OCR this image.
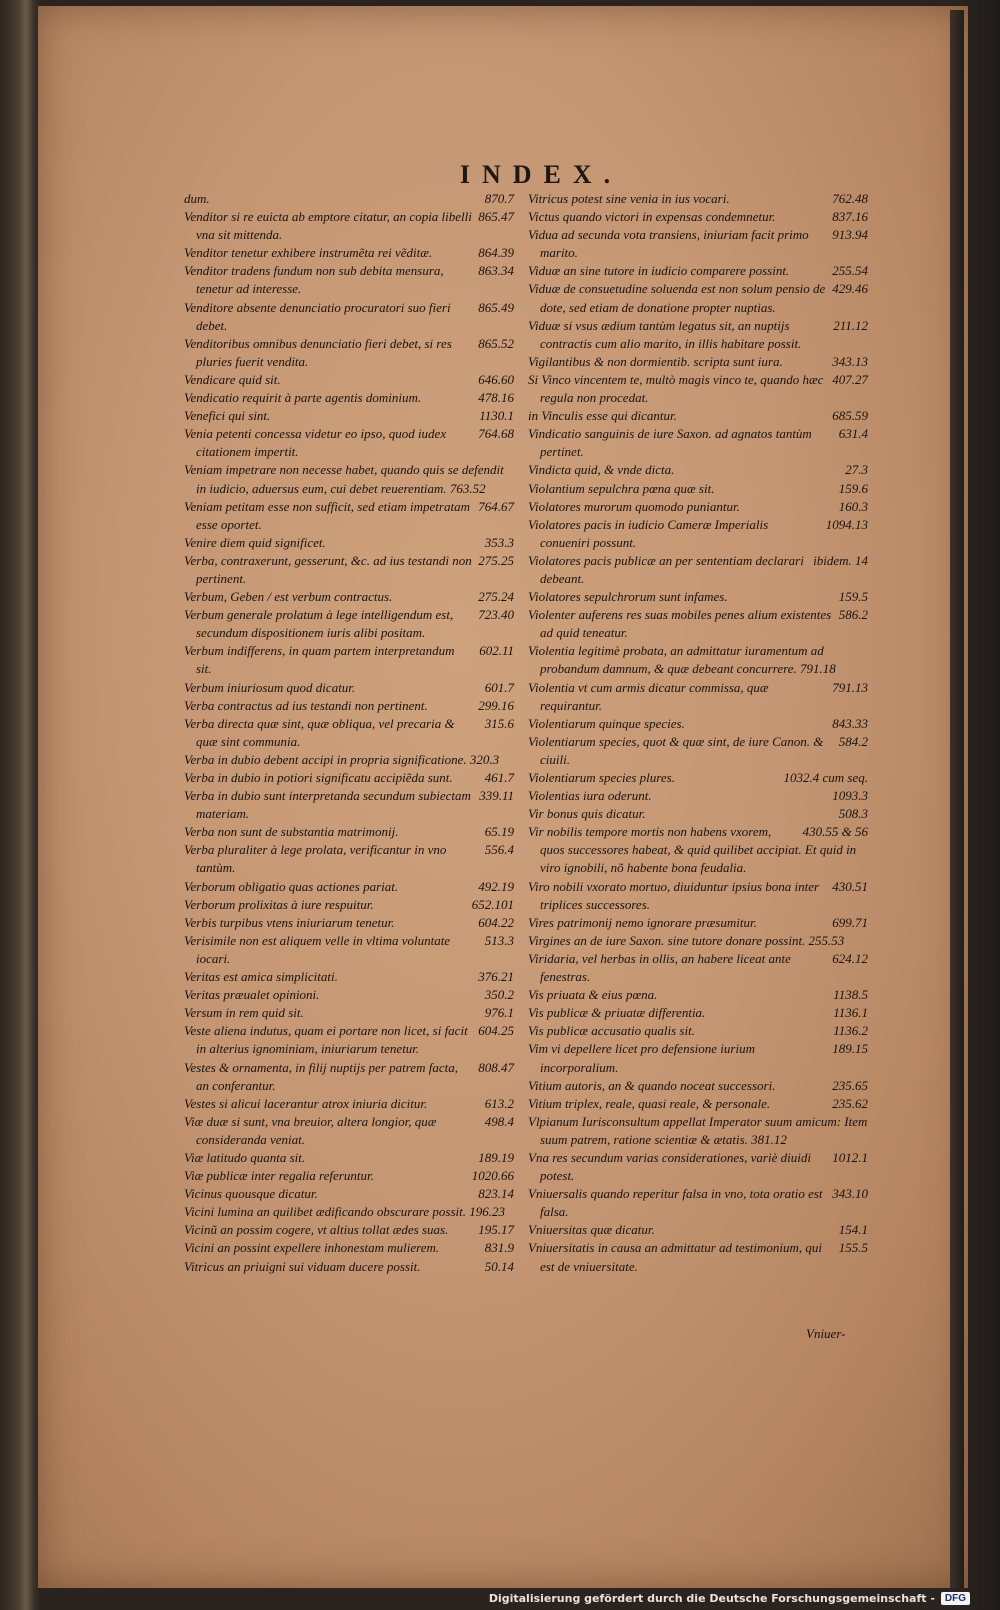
INDEX.
870.7
dum.
865.47
Venditor si re euicta ab emptore citatur, an copia libelli vna sit mittenda.
864.39
Venditor tenetur exhibere instrumẽta rei vẽditæ.
863.34
Venditor tradens fundum non sub debita mensura, tenetur ad interesse.
865.49
Venditore absente denunciatio procuratori suo fieri debet.
865.52
Venditoribus omnibus denunciatio fieri debet, si res pluries fuerit vendita.
646.60
Vendicare quid sit.
478.16
Vendicatio requirit à parte agentis dominium.
1130.1
Venefici qui sint.
764.68
Venia petenti concessa videtur eo ipso, quod iudex citationem impertit.
Veniam impetrare non necesse habet, quando quis se defendit in iudicio, aduersus eum, cui debet reuerentiam. 763.52
764.67
Veniam petitam esse non sufficit, sed etiam impetratam esse oportet.
353.3
Venire diem quid significet.
275.25
Verba, contraxerunt, gesserunt, &c. ad ius testandi non pertinent.
275.24
Verbum, Geben / est verbum contractus.
723.40
Verbum generale prolatum à lege intelligendum est, secundum dispositionem iuris alibi positam.
602.11
Verbum indifferens, in quam partem interpretandum sit.
601.7
Verbum iniuriosum quod dicatur.
299.16
Verba contractus ad ius testandi non pertinent.
315.6
Verba directa quæ sint, quæ obliqua, vel precaria & quæ sint communia.
Verba in dubio debent accipi in propria significatione. 320.3
461.7
Verba in dubio in potiori significatu accipiẽda sunt.
339.11
Verba in dubio sunt interpretanda secundum subiectam materiam.
65.19
Verba non sunt de substantia matrimonij.
556.4
Verba pluraliter à lege prolata, verificantur in vno tantùm.
492.19
Verborum obligatio quas actiones pariat.
652.101
Verborum prolixitas à iure respuitur.
604.22
Verbis turpibus vtens iniuriarum tenetur.
513.3
Verisimile non est aliquem velle in vltima voluntate iocari.
376.21
Veritas est amica simplicitati.
350.2
Veritas præualet opinioni.
976.1
Versum in rem quid sit.
604.25
Veste aliena indutus, quam ei portare non licet, si facit in alterius ignominiam, iniuriarum tenetur.
808.47
Vestes & ornamenta, in filij nuptijs per patrem facta, an conferantur.
613.2
Vestes si alicui lacerantur atrox iniuria dicitur.
498.4
Viæ duæ si sunt, vna breuior, altera longior, quæ consideranda veniat.
189.19
Viæ latitudo quanta sit.
1020.66
Viæ publicæ inter regalia referuntur.
823.14
Vicinus quousque dicatur.
Vicini lumina an quilibet ædificando obscurare possit. 196.23
195.17
Vicinũ an possim cogere, vt altius tollat ædes suas.
831.9
Vicini an possint expellere inhonestam mulierem.
50.14
Vitricus an priuigni sui viduam ducere possit.
762.48
Vitricus potest sine venia in ius vocari.
837.16
Victus quando victori in expensas condemnetur.
913.94
Vidua ad secunda vota transiens, iniuriam facit primo marito.
255.54
Viduæ an sine tutore in iudicio comparere possint.
429.46
Viduæ de consuetudine soluenda est non solum pensio de dote, sed etiam de donatione propter nuptias.
211.12
Viduæ si vsus ædium tantùm legatus sit, an nuptijs contractis cum alio marito, in illis habitare possit.
343.13
Vigilantibus & non dormientib. scripta sunt iura.
407.27
Si Vinco vincentem te, multò magis vinco te, quando hæc regula non procedat.
685.59
in Vinculis esse qui dicantur.
631.4
Vindicatio sanguinis de iure Saxon. ad agnatos tantùm pertinet.
27.3
Vindicta quid, & vnde dicta.
159.6
Violantium sepulchra pœna quæ sit.
160.3
Violatores murorum quomodo puniantur.
1094.13
Violatores pacis in iudicio Cameræ Imperialis conueniri possunt.
ibidem. 14
Violatores pacis publicæ an per sententiam declarari debeant.
159.5
Violatores sepulchrorum sunt infames.
586.2
Violenter auferens res suas mobiles penes alium existentes ad quid teneatur.
Violentia legitimè probata, an admittatur iuramentum ad probandum damnum, & quæ debeant concurrere. 791.18
791.13
Violentia vt cum armis dicatur commissa, quæ requirantur.
843.33
Violentiarum quinque species.
584.2
Violentiarum species, quot & quæ sint, de iure Canon. & ciuili.
1032.4 cum seq.
Violentiarum species plures.
1093.3
Violentias iura oderunt.
508.3
Vir bonus quis dicatur.
430.55 & 56
Vir nobilis tempore mortis non habens vxorem, quos successores habeat, & quid quilibet accipiat. Et quid in viro ignobili, nõ habente bona feudalia.
430.51
Viro nobili vxorato mortuo, diuiduntur ipsius bona inter triplices successores.
699.71
Vires patrimonij nemo ignorare præsumitur.
Virgines an de iure Saxon. sine tutore donare possint. 255.53
624.12
Viridaria, vel herbas in ollis, an habere liceat ante fenestras.
1138.5
Vis priuata & eius pœna.
1136.1
Vis publicæ & priuatæ differentia.
1136.2
Vis publicæ accusatio qualis sit.
189.15
Vim vi depellere licet pro defensione iurium incorporalium.
235.65
Vitium autoris, an & quando noceat successori.
235.62
Vitium triplex, reale, quasi reale, & personale.
Vlpianum Iurisconsultum appellat Imperator suum amicum: Item suum patrem, ratione scientiæ & ætatis. 381.12
1012.1
Vna res secundum varias considerationes, variè diuidi potest.
343.10
Vniuersalis quando reperitur falsa in vno, tota oratio est falsa.
154.1
Vniuersitas quæ dicatur.
155.5
Vniuersitatis in causa an admittatur ad testimonium, qui est de vniuersitate.
Vniuer-
Digitalisierung gefördert durch die Deutsche Forschungsgemeinschaft -	DFG
